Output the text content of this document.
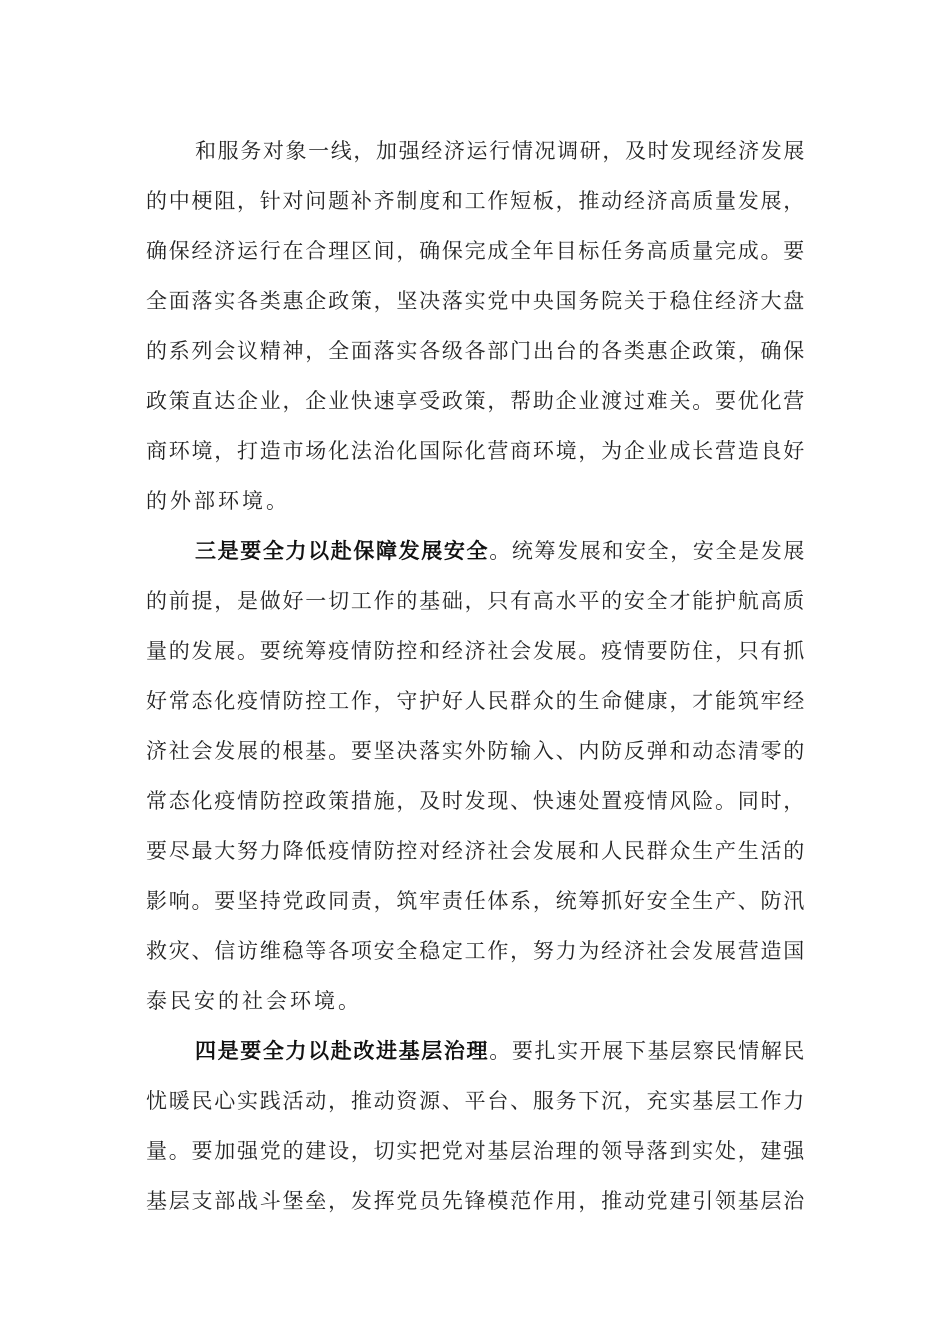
和服务对象一线，加强经济运行情况调研，及时发现经济发展
的中梗阻，针对问题补齐制度和工作短板，推动经济高质量发展，
确保经济运行在合理区间，确保完成全年目标任务高质量完成。要
全面落实各类惠企政策，坚决落实党中央国务院关于稳住经济大盘
的系列会议精神，全面落实各级各部门出台的各类惠企政策，确保
政策直达企业，企业快速享受政策，帮助企业渡过难关。要优化营
商环境，打造市场化法治化国际化营商环境，为企业成长营造良好
的外部环境。
三是要全力以赴保障发展安全。统筹发展和安全，安全是发展
的前提，是做好一切工作的基础，只有高水平的安全才能护航高质
量的发展。要统筹疫情防控和经济社会发展。疫情要防住，只有抓
好常态化疫情防控工作，守护好人民群众的生命健康，才能筑牢经
济社会发展的根基。要坚决落实外防输入、内防反弹和动态清零的
常态化疫情防控政策措施，及时发现、快速处置疫情风险。同时，
要尽最大努力降低疫情防控对经济社会发展和人民群众生产生活的
影响。要坚持党政同责，筑牢责任体系，统筹抓好安全生产、防汛
救灾、信访维稳等各项安全稳定工作，努力为经济社会发展营造国
泰民安的社会环境。
四是要全力以赴改进基层治理。要扎实开展下基层察民情解民
忧暖民心实践活动，推动资源、平台、服务下沉，充实基层工作力
量。要加强党的建设，切实把党对基层治理的领导落到实处，建强
基层支部战斗堡垒，发挥党员先锋模范作用，推动党建引领基层治
